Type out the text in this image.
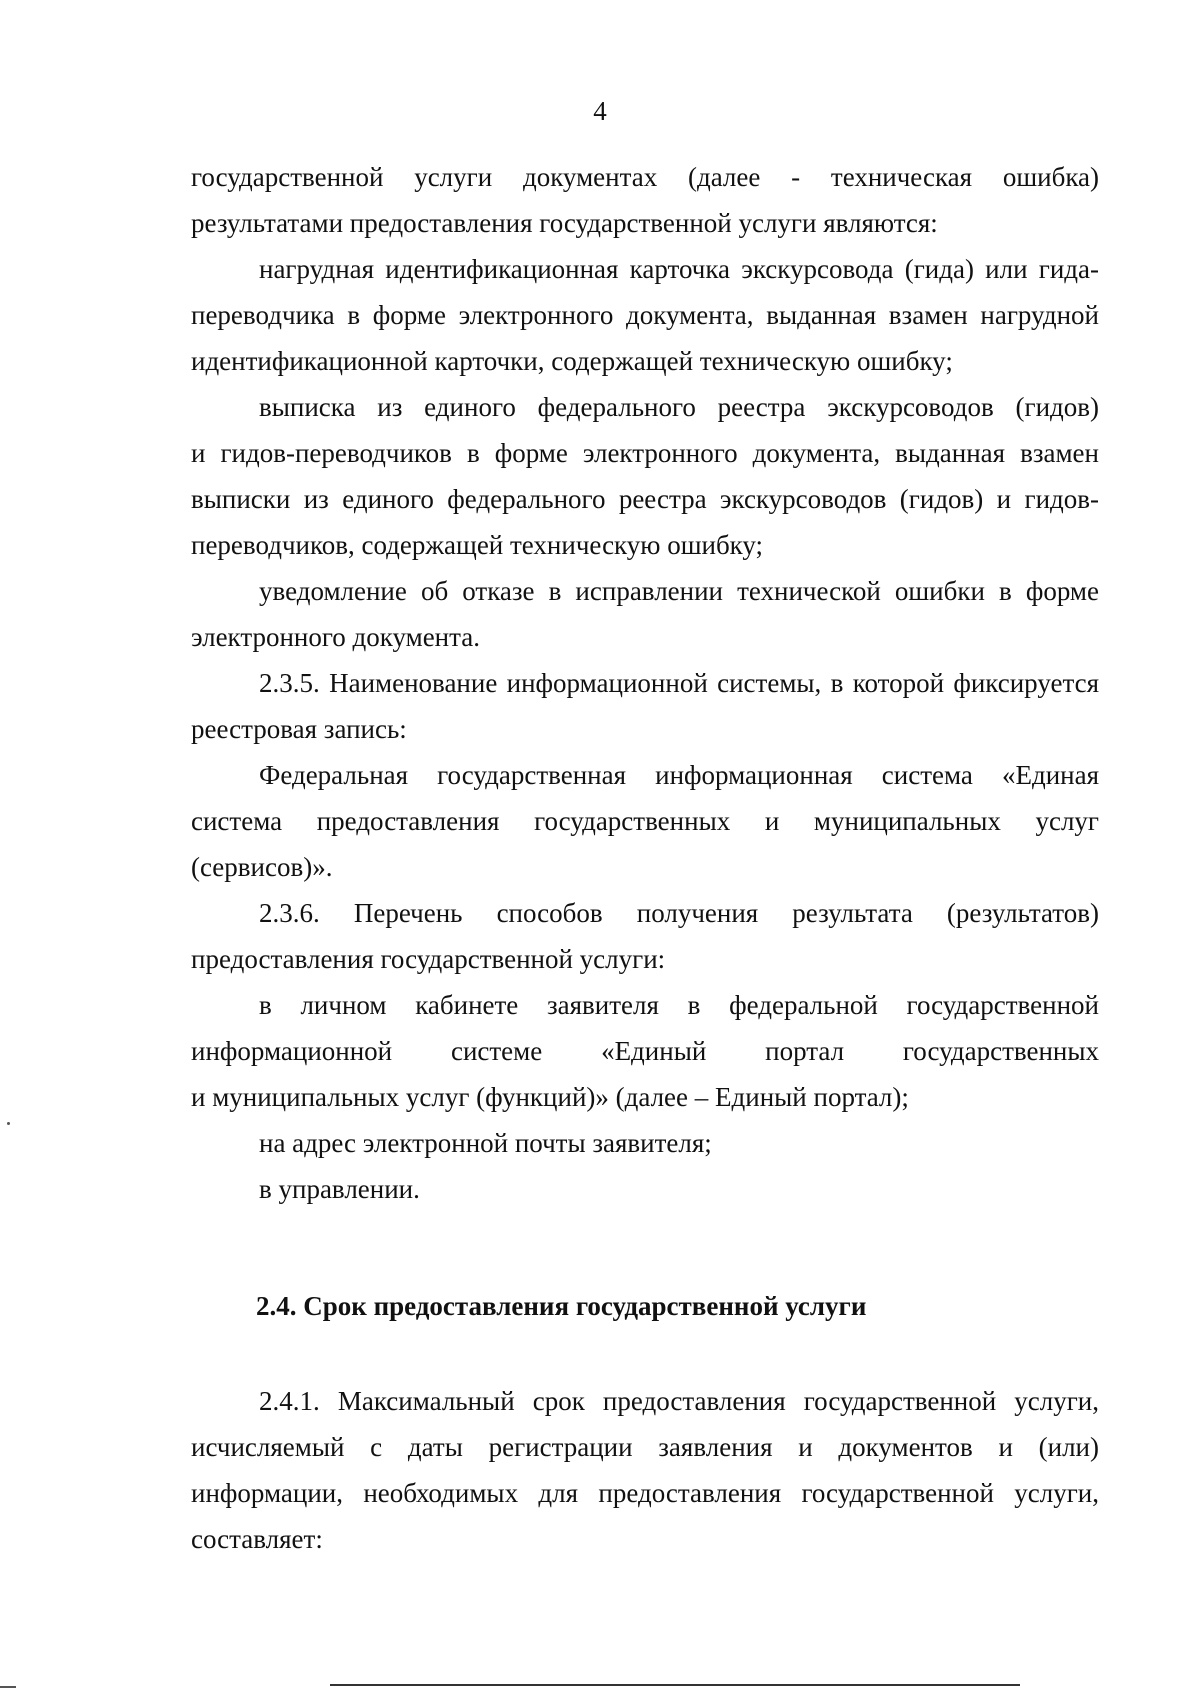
4
государственной услуги документах (далее - техническая ошибка)
результатами предоставления государственной услуги являются:
нагрудная идентификационная карточка экскурсовода (гида) или гида-
переводчика в форме электронного документа, выданная взамен нагрудной
идентификационной карточки, содержащей техническую ошибку;
выписка из единого федерального реестра экскурсоводов (гидов)
и гидов-переводчиков в форме электронного документа, выданная взамен
выписки из единого федерального реестра экскурсоводов (гидов) и гидов-
переводчиков, содержащей техническую ошибку;
уведомление об отказе в исправлении технической ошибки в форме
электронного документа.
2.3.5. Наименование информационной системы, в которой фиксируется
реестровая запись:
Федеральная государственная информационная система «Единая
система предоставления государственных и муниципальных услуг
(сервисов)».
2.3.6. Перечень способов получения результата (результатов)
предоставления государственной услуги:
в личном кабинете заявителя в федеральной государственной
информационной системе «Единый портал государственных
и муниципальных услуг (функций)» (далее – Единый портал);
на адрес электронной почты заявителя;
в управлении.
2.4. Срок предоставления государственной услуги
2.4.1. Максимальный срок предоставления государственной услуги,
исчисляемый с даты регистрации заявления и документов и (или)
информации, необходимых для предоставления государственной услуги,
составляет:
